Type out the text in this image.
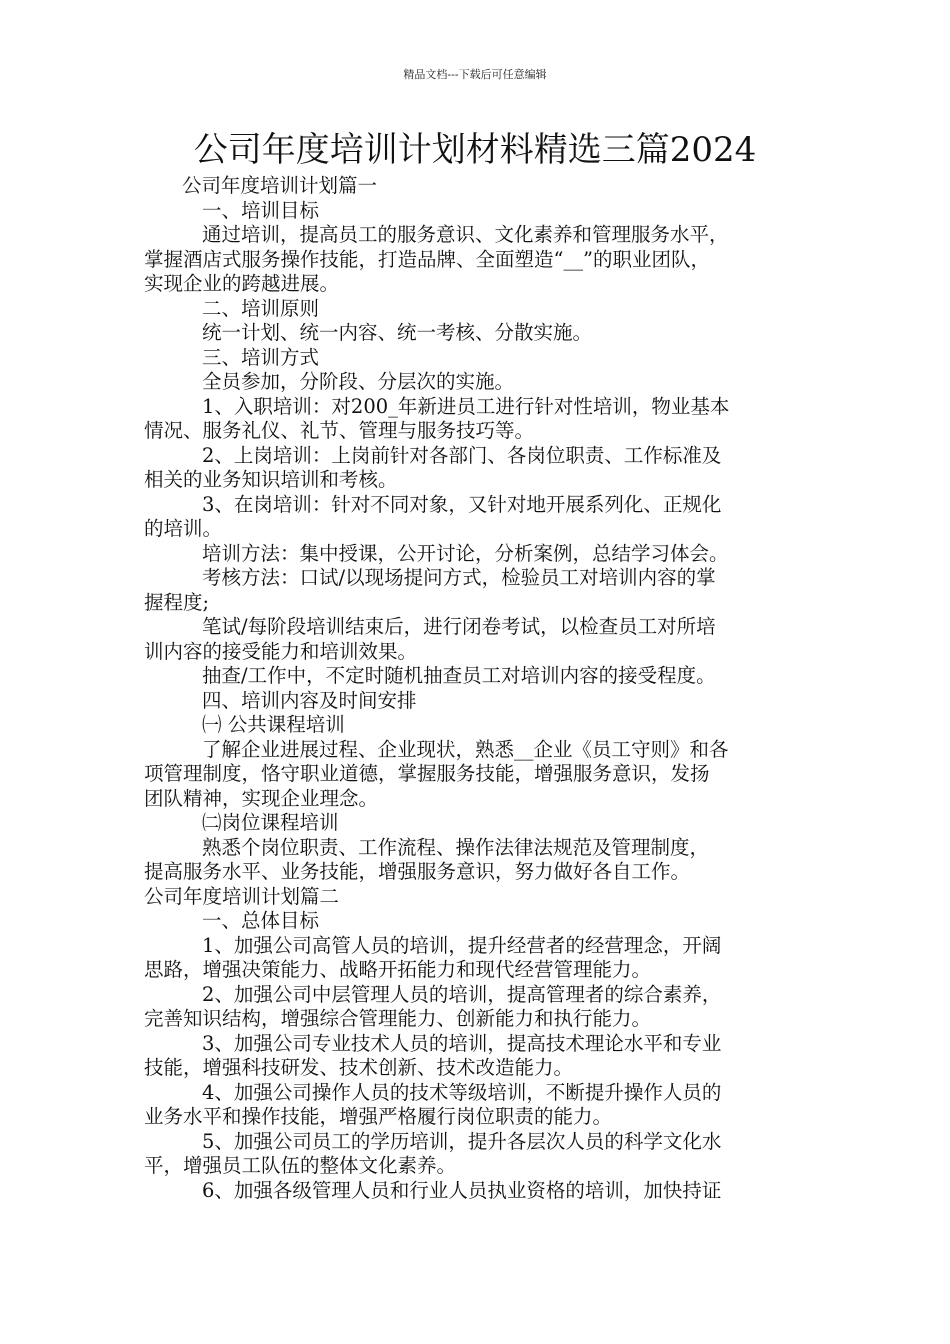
精品文档---下载后可任意编辑
公司年度培训计划材料精选三篇2024

公司年度培训计划篇一

一、培训目标

通过培训，提高员工的服务意识、文化素养和管理服务水平，

掌握酒店式服务操作技能，打造品牌、全面塑造“__”的职业团队，

实现企业的跨越进展。

二、培训原则

统一计划、统一内容、统一考核、分散实施。

三、培训方式

全员参加，分阶段、分层次的实施。

1、入职培训：对200_年新进员工进行针对性培训，物业基本

情况、服务礼仪、礼节、管理与服务技巧等。

2、上岗培训：上岗前针对各部门、各岗位职责、工作标准及

相关的业务知识培训和考核。

3、在岗培训：针对不同对象，又针对地开展系列化、正规化

的培训。

培训方法：集中授课，公开讨论，分析案例，总结学习体会。

考核方法：口试/以现场提问方式，检验员工对培训内容的掌

握程度;

笔试/每阶段培训结束后，进行闭卷考试，以检查员工对所培

训内容的接受能力和培训效果。

抽查/工作中，不定时随机抽查员工对培训内容的接受程度。

四、培训内容及时间安排

㈠ 公共课程培训

了解企业进展过程、企业现状，熟悉__企业《员工守则》和各

项管理制度，恪守职业道德，掌握服务技能，增强服务意识，发扬

团队精神，实现企业理念。

㈡岗位课程培训

熟悉个岗位职责、工作流程、操作法律法规范及管理制度，

提高服务水平、业务技能，增强服务意识，努力做好各自工作。

公司年度培训计划篇二

一、总体目标

1、加强公司高管人员的培训，提升经营者的经营理念，开阔

思路，增强决策能力、战略开拓能力和现代经营管理能力。

2、加强公司中层管理人员的培训，提高管理者的综合素养，

完善知识结构，增强综合管理能力、创新能力和执行能力。

3、加强公司专业技术人员的培训，提高技术理论水平和专业

技能，增强科技研发、技术创新、技术改造能力。

4、加强公司操作人员的技术等级培训，不断提升操作人员的

业务水平和操作技能，增强严格履行岗位职责的能力。

5、加强公司员工的学历培训，提升各层次人员的科学文化水

平，增强员工队伍的整体文化素养。

6、加强各级管理人员和行业人员执业资格的培训，加快持证
